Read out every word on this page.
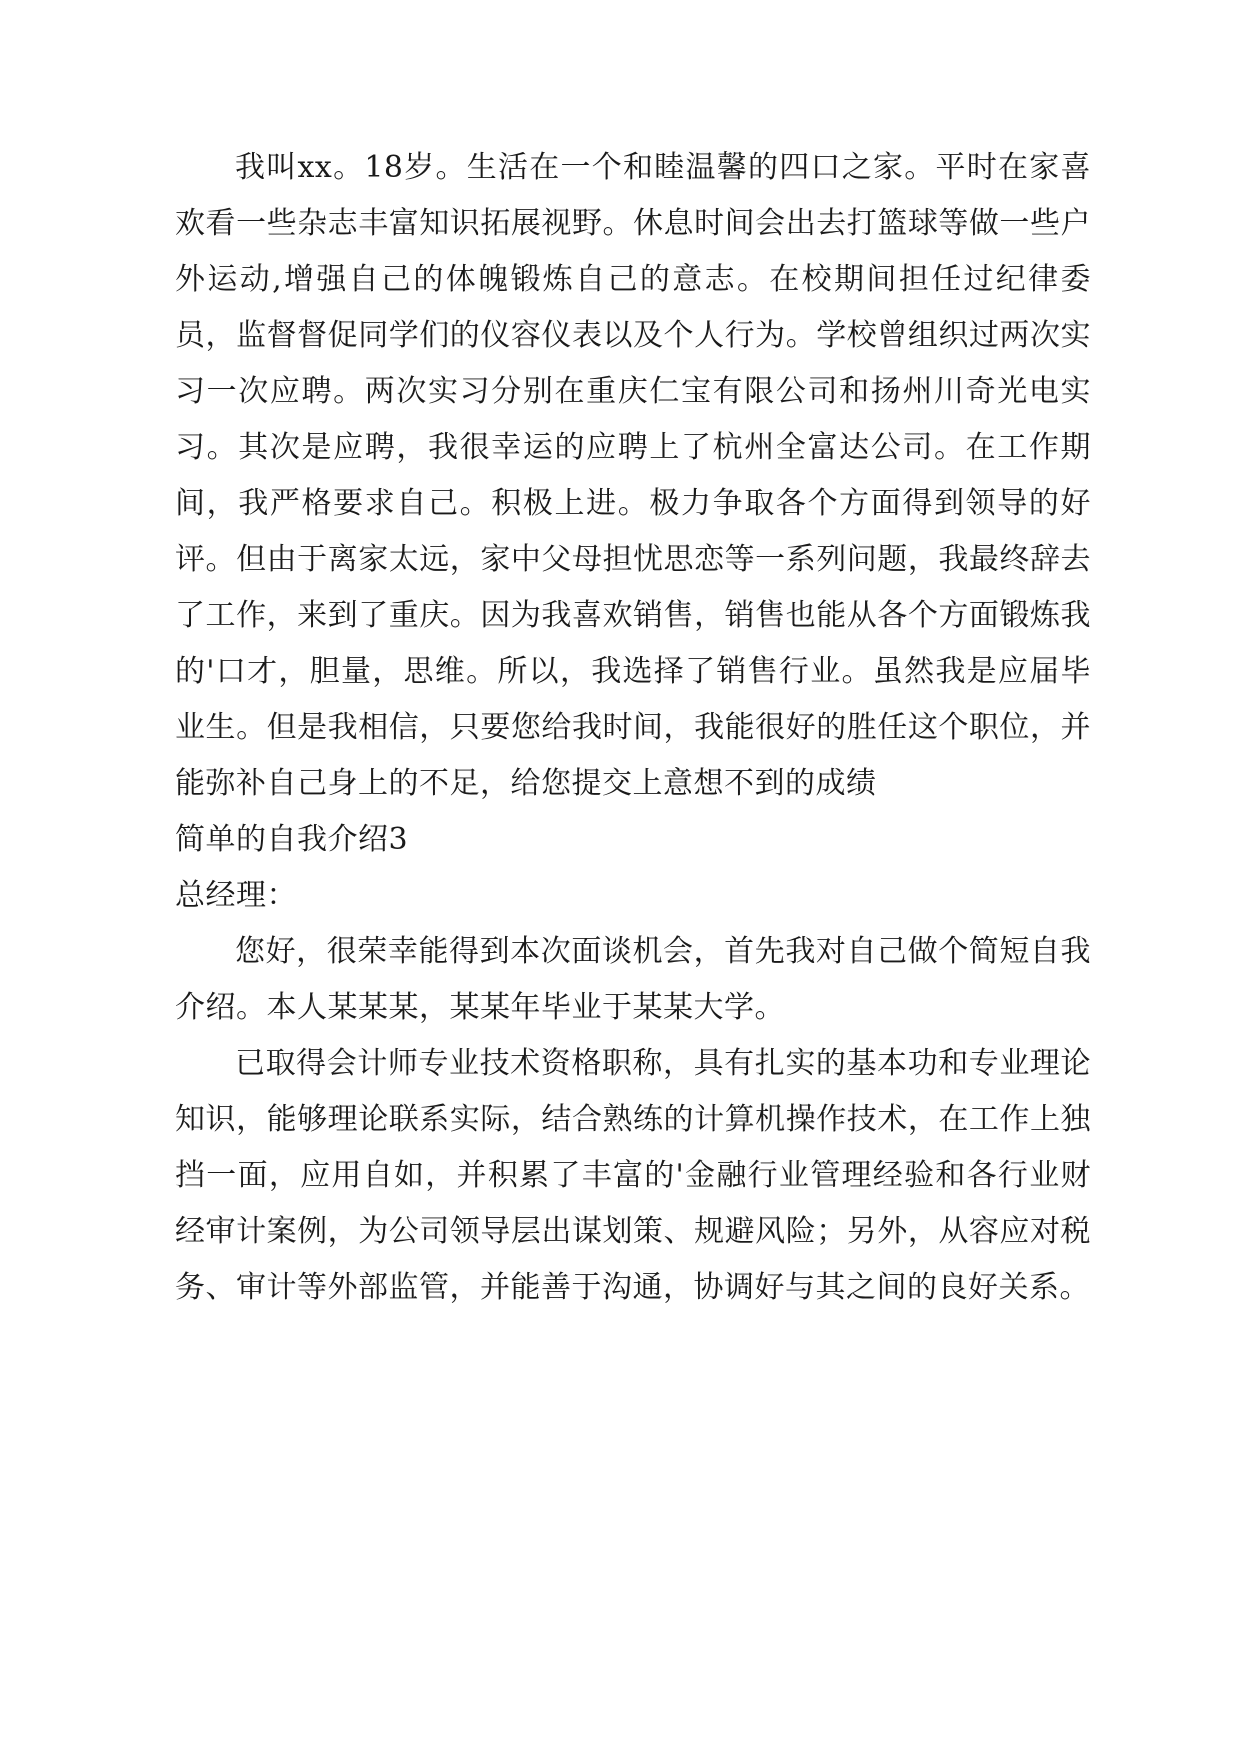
我叫xx。18岁。生活在一个和睦温馨的四口之家。平时在家喜欢看一些杂志丰富知识拓展视野。休息时间会出去打篮球等做一些户外运动,增强自己的体魄锻炼自己的意志。在校期间担任过纪律委员，监督督促同学们的仪容仪表以及个人行为。学校曾组织过两次实习一次应聘。两次实习分别在重庆仁宝有限公司和扬州川奇光电实习。其次是应聘，我很幸运的应聘上了杭州全富达公司。在工作期间，我严格要求自己。积极上进。极力争取各个方面得到领导的好评。但由于离家太远，家中父母担忧思恋等一系列问题，我最终辞去了工作，来到了重庆。因为我喜欢销售，销售也能从各个方面锻炼我的'口才，胆量，思维。所以，我选择了销售行业。虽然我是应届毕业生。但是我相信，只要您给我时间，我能很好的胜任这个职位，并能弥补自己身上的不足，给您提交上意想不到的成绩

简单的自我介绍3

总经理：

您好，很荣幸能得到本次面谈机会，首先我对自己做个简短自我介绍。本人某某某，某某年毕业于某某大学。

已取得会计师专业技术资格职称，具有扎实的基本功和专业理论知识，能够理论联系实际，结合熟练的计算机操作技术，在工作上独挡一面，应用自如，并积累了丰富的'金融行业管理经验和各行业财经审计案例，为公司领导层出谋划策、规避风险；另外，从容应对税务、审计等外部监管，并能善于沟通，协调好与其之间的良好关系。
